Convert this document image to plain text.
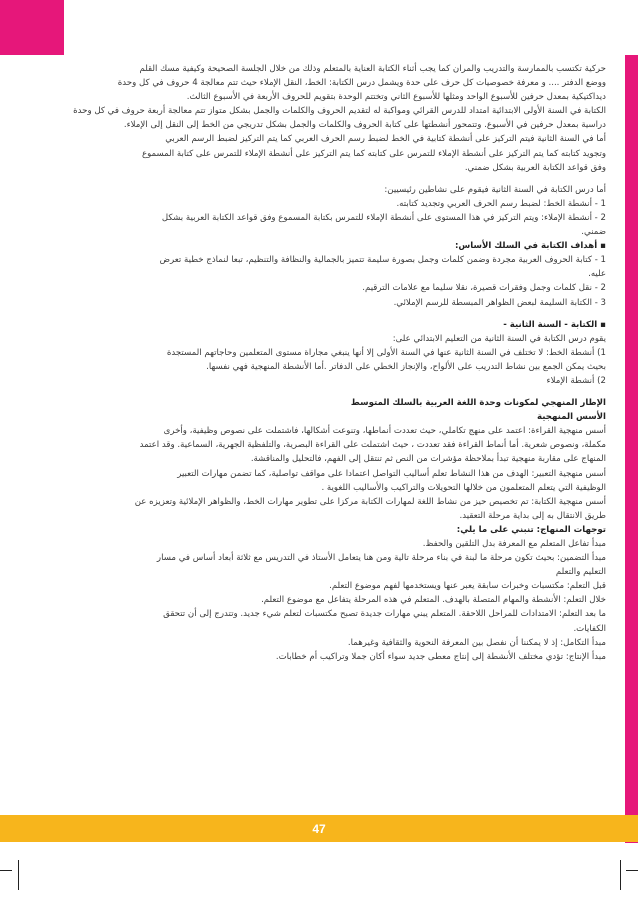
حركية تكتسب بالممارسة والتدريب والمران كما يجب أثناء الكتابة العناية بالمتعلم وذلك من خلال الجلسة الصحيحة وكيفية مسك القلم
ووضع الدفتر .... و معرفة خصوصيات كل حرف على حدة ويشمل درس الكتابة: الخط، النقل الإملاء حيث تتم معالجة 4 حروف في كل وحدة
ديداكتيكية بمعدل حرفين للأسبوع الواحد ومثلها للأسبوع الثاني وتختتم الوحدة بتقويم للحروف الأربعة في الأسبوع الثالث.
الكتابة في السنة الأولى الابتدائية امتداد للدرس القرائي ومواكبة له لتقديم الحروف والكلمات والجمل بشكل متواز تتم معالجة أربعة حروف في كل وحدة
دراسية بمعدل حرفين في الأسبوع. وتتمحور أنشطتها على كتابة الحروف والكلمات والجمل بشكل تدريجي من الخط إلى النقل إلى الإملاء.
أما في السنة الثانية فيتم التركيز على أنشطة كتابية في الخط لضبط رسم الحرف العربي كما يتم التركيز لضبط الرسم العربي
وتجويد كتابته كما يتم التركيز على أنشطة الإملاء للتمرس على كتابته كما يتم التركيز على أنشطة الإملاء للتمرس على كتابة المسموع
وفق قواعد الكتابة العربية بشكل ضمني.
أما درس الكتابة في السنة الثانية فيقوم على نشاطين رئيسيين:
1 - أنشطة الخط: لضبط رسم الحرف العربي وتجديد كتابته.
2 - أنشطة الإملاء: ويتم التركيز في هذا المستوى على أنشطة الإملاء للتمرس بكتابة المسموع وفق قواعد الكتابة العربية بشكل
ضمني.
▪ أهداف الكتابة في السلك الأساس:
1 - كتابة الحروف العربية مجردة وضمن كلمات وجمل بصورة سليمة تتميز بالجمالية والنظافة والتنظيم، تبعا لنماذج خطية تعرض
عليه.
2 - نقل كلمات وجمل وفقرات قصيرة، نقلا سليما مع علامات الترقيم.
3 - الكتابة السليمة لبعض الظواهر المبسطة للرسم الإملائي.
▪ الكتابة - السنة الثانية -
يقوم درس الكتابة في السنة الثانية من التعليم الابتدائي على:
1) أنشطة الخط: لا تختلف في السنة الثانية عنها في السنة الأولى إلا أنها ينبغي مجاراة مستوى المتعلمين وحاجاتهم المستجدة
بحيث يمكن الجمع بين نشاط التدريب على الألواح، والإنجاز الخطي على الدفاتر .أما الأنشطة المنهجية فهي نفسها.
2) أنشطة الإملاء
الإطار المنهجي لمكونات وحدة اللغة العربية بالسلك المتوسط
الأسس المنهجية
أسس منهجية القراءة: اعتمد على منهج تكاملي، حيث تعددت أنماطها، وتنوعت أشكالها، فاشتملت على نصوص وظيفية، وأخرى
مكملة، ونصوص شعرية. أما أنماط القراءة فقد تعددت ، حيث اشتملت على القراءة البصرية، والتلفظية الجهرية، السماعية. وقد اعتمد
المنهاج على مقاربة منهجية تبدأ بملاحظة مؤشرات من النص ثم تنتقل إلى الفهم، فالتحليل والمناقشة.
أسس منهجية التعبير: الهدف من هذا النشاط تعلم أساليب التواصل اعتمادا على مواقف تواصلية، كما تضمن مهارات التعبير
الوظيفية التي يتعلم المتعلمون من خلالها التحويلات والتراكيب والأساليب اللغوية .
أسس منهجية الكتابة: تم تخصيص حيز من نشاط اللغة لمهارات الكتابة مركزا على تطوير مهارات الخط، والظواهر الإملائية وتعزيزه عن
طريق الانتقال به إلى بداية مرحلة التعقيد.
توجهات المنهاج: تنبني على ما يلي:
مبدأ تفاعل المتعلم مع المعرفة بدل التلقين والحفظ.
مبدأ التضمين: بحيث تكون مرحلة ما لبنة في بناء مرحلة تالية ومن هنا يتعامل الأستاذ في التدريس مع ثلاثة أبعاد أساس في مسار
التعليم والتعلم
قبل التعلم: مكتسبات وخبرات سابقة يعبر عنها ويستخدمها لفهم موضوع التعلم.
خلال التعلم: الأنشطة والمهام المتصلة بالهدف. المتعلم في هذه المرحلة يتفاعل مع موضوع التعلم.
ما بعد التعلم: الامتدادات للمراحل اللاحقة. المتعلم يبني مهارات جديدة تصبح مكتسبات لتعلم شيء جديد. وتتدرج إلى أن تتحقق
الكفايات.
مبدأ التكامل: إذ لا يمكننا أن نفصل بين المعرفة النحوية والثقافية وغيرهما.
مبدأ الإنتاج: تؤدي مختلف الأنشطة إلى إنتاج معطى جديد سواء أكان جملا وتراكيب أم خطابات.
47
